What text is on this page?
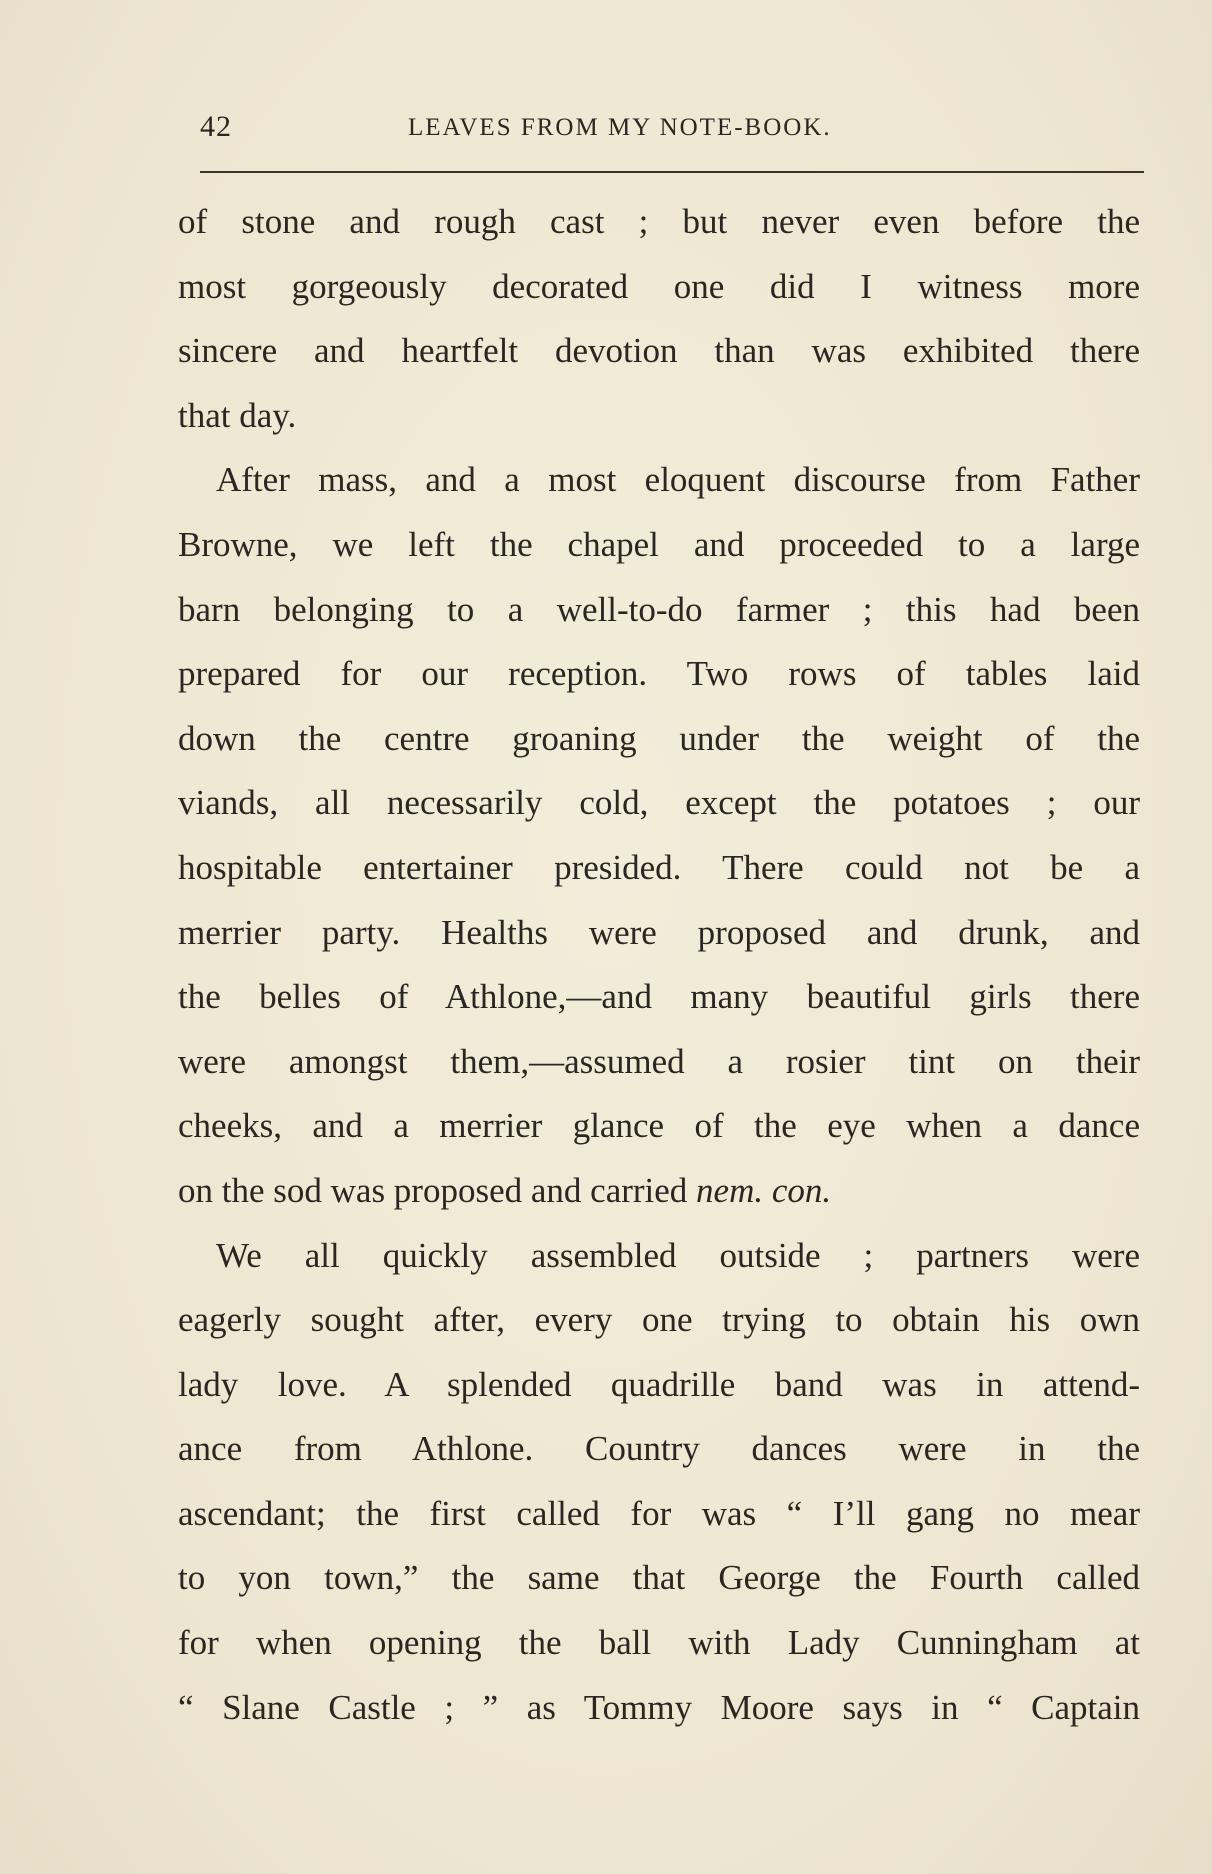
42	LEAVES FROM MY NOTE-BOOK.
of stone and rough cast ; but never even before the
most gorgeously decorated one did I witness more
sincere and heartfelt devotion than was exhibited there
that day.
After mass, and a most eloquent discourse from Father
Browne, we left the chapel and proceeded to a large
barn belonging to a well-to-do farmer ; this had been
prepared for our reception. Two rows of tables laid
down the centre groaning under the weight of the
viands, all necessarily cold, except the potatoes ; our
hospitable entertainer presided. There could not be a
merrier party. Healths were proposed and drunk, and
the belles of Athlone,—and many beautiful girls there
were amongst them,—assumed a rosier tint on their
cheeks, and a merrier glance of the eye when a dance
on the sod was proposed and carried nem. con.
We all quickly assembled outside ; partners were
eagerly sought after, every one trying to obtain his own
lady love. A splended quadrille band was in attend-
ance from Athlone. Country dances were in the
ascendant; the first called for was “ I’ll gang no mear
to yon town,” the same that George the Fourth called
for when opening the ball with Lady Cunningham at
“ Slane Castle ; ” as Tommy Moore says in “ Captain
